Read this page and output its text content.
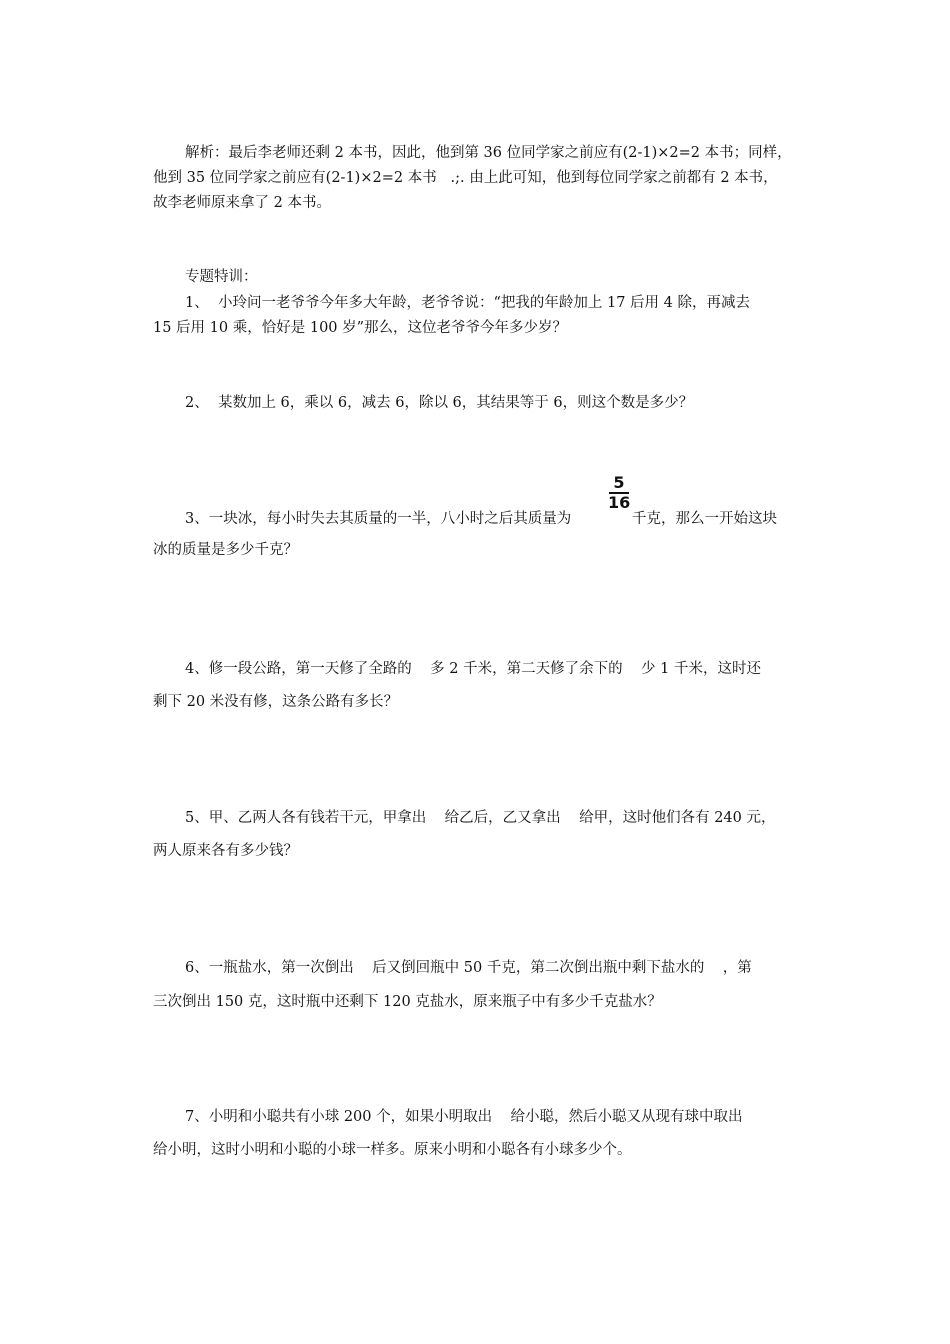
解析：最后李老师还剩 2 本书，因此，他到第 36 位同学家之前应有(2-1)×2=2 本书；同样，
他到 35 位同学家之前应有(2-1)×2=2 本书   .;. 由上此可知，他到每位同学家之前都有 2 本书，
故李老师原来拿了 2 本书。
专题特训：
1、  小玲问一老爷爷今年多大年龄，老爷爷说：“把我的年龄加上 17 后用 4 除，再减去
15 后用 10 乘，恰好是 100 岁”那么，这位老爷爷今年多少岁？
2、  某数加上 6，乘以 6，减去 6，除以 6，其结果等于 6，则这个数是多少？
3、一块冰，每小时失去其质量的一半，八小时之后其质量为
5
16
千克，那么一开始这块
冰的质量是多少千克？
4、修一段公路，第一天修了全路的    多 2 千米，第二天修了余下的    少 1 千米，这时还
剩下 20 米没有修，这条公路有多长？
5、甲、乙两人各有钱若干元，甲拿出    给乙后，乙又拿出    给甲，这时他们各有 240 元，
两人原来各有多少钱？
6、一瓶盐水，第一次倒出    后又倒回瓶中 50 千克，第二次倒出瓶中剩下盐水的    ，第
三次倒出 150 克，这时瓶中还剩下 120 克盐水，原来瓶子中有多少千克盐水？
7、小明和小聪共有小球 200 个，如果小明取出    给小聪，然后小聪又从现有球中取出
给小明，这时小明和小聪的小球一样多。原来小明和小聪各有小球多少个。
